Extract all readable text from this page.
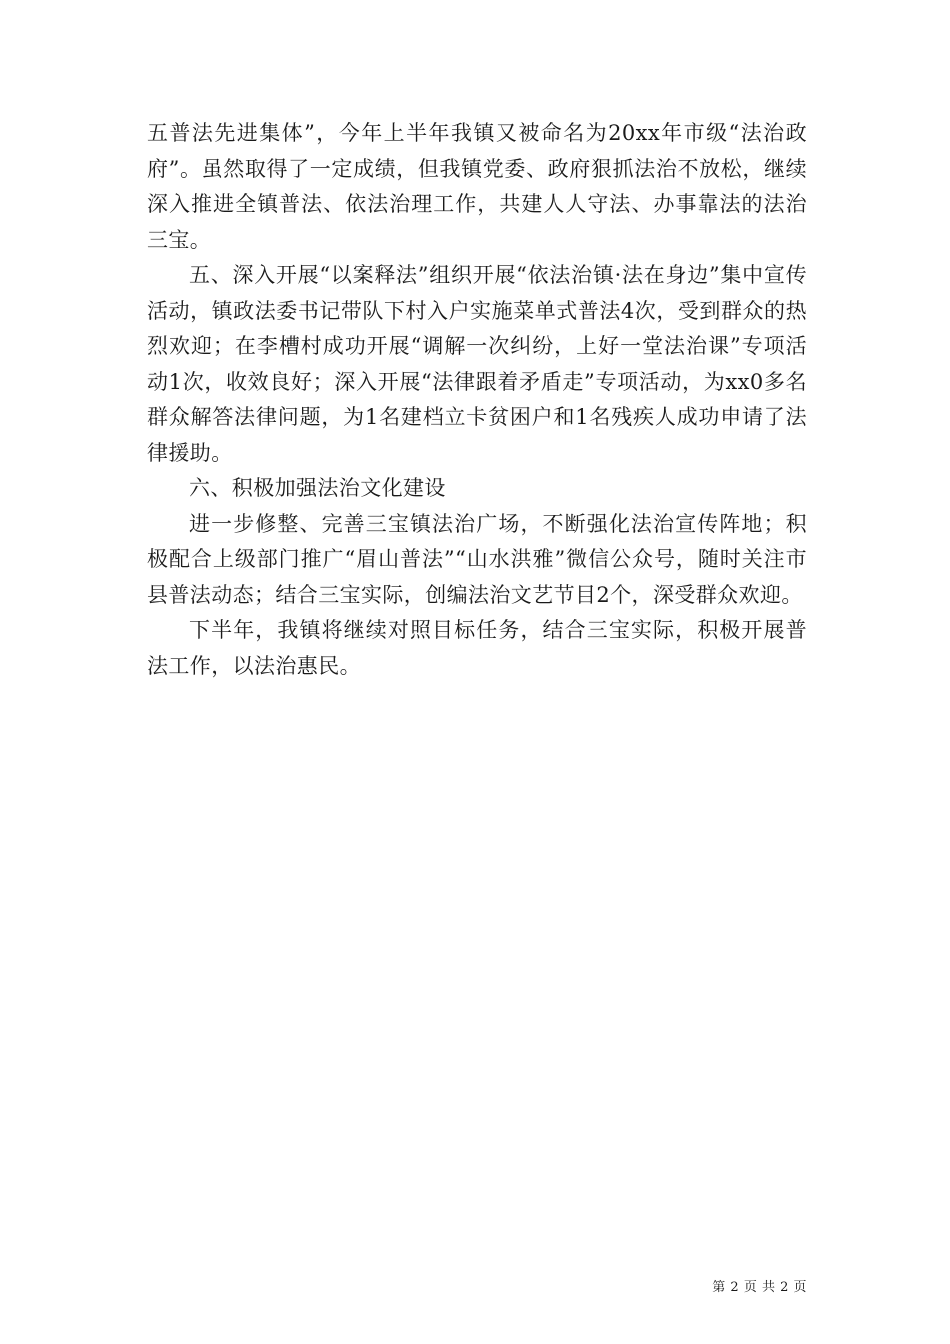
五普法先进集体”，今年上半年我镇又被命名为20xx年市级“法治政府”。虽然取得了一定成绩，但我镇党委、政府狠抓法治不放松，继续深入推进全镇普法、依法治理工作，共建人人守法、办事靠法的法治三宝。

五、深入开展“以案释法”组织开展“依法治镇·法在身边”集中宣传活动，镇政法委书记带队下村入户实施菜单式普法4次，受到群众的热烈欢迎；在李槽村成功开展“调解一次纠纷，上好一堂法治课”专项活动1次，收效良好；深入开展“法律跟着矛盾走”专项活动，为xx0多名群众解答法律问题，为1名建档立卡贫困户和1名残疾人成功申请了法律援助。

六、积极加强法治文化建设

进一步修整、完善三宝镇法治广场，不断强化法治宣传阵地；积极配合上级部门推广“眉山普法”“山水洪雅”微信公众号，随时关注市县普法动态；结合三宝实际，创编法治文艺节目2个，深受群众欢迎。

下半年，我镇将继续对照目标任务，结合三宝实际，积极开展普法工作，以法治惠民。

第 2 页 共 2 页
